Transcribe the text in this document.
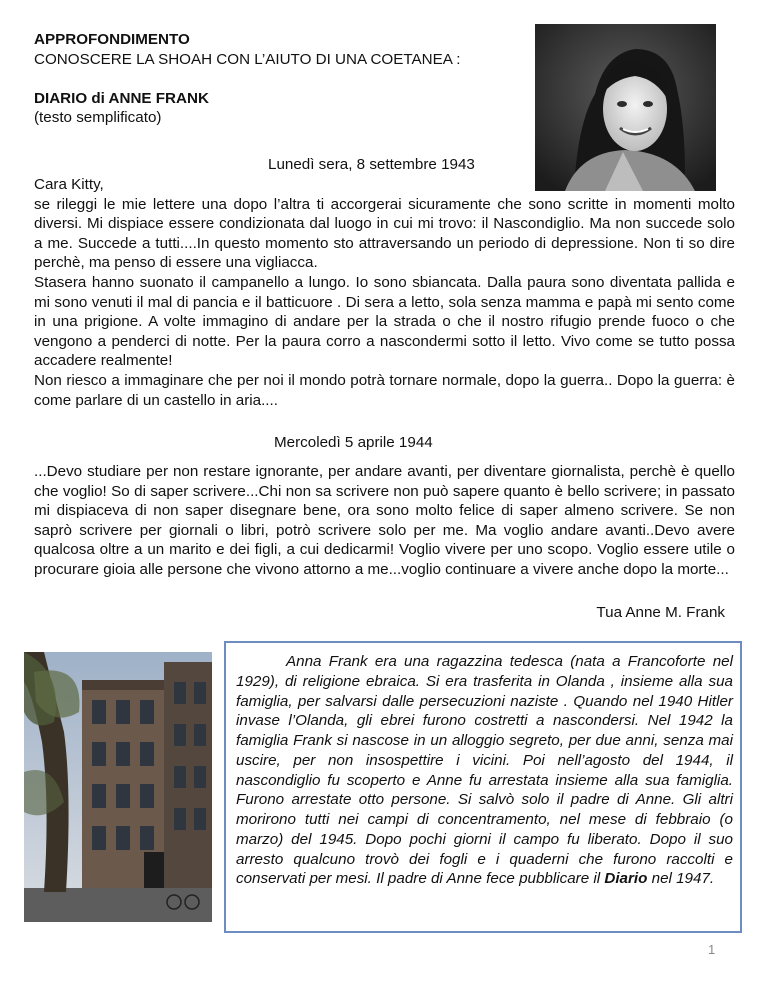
APPROFONDIMENTO
CONOSCERE LA SHOAH CON L’AIUTO DI UNA COETANEA :
DIARIO di ANNE FRANK
(testo semplificato)
Lunedì sera, 8 settembre 1943

Cara Kitty,

se rileggi le mie lettere una dopo l’altra ti accorgerai sicuramente che sono scritte in momenti molto diversi. Mi dispiace essere condizionata dal luogo in cui mi trovo: il Nascondiglio. Ma non succede solo a me. Succede a tutti....In questo momento sto attraversando un periodo di depressione. Non ti so dire perchè, ma penso di essere una vigliacca.

Stasera hanno suonato il campanello a lungo. Io sono sbiancata. Dalla paura sono diventata pallida e mi sono venuti il mal di pancia e il batticuore . Di sera a letto, sola senza mamma e papà mi sento come in una prigione. A volte immagino di andare per la strada o che il nostro rifugio prende fuoco o che vengono a penderci di notte. Per la paura corro a nascondermi sotto il letto. Vivo come se tutto possa accadere realmente!

Non riesco a immaginare che per noi il mondo potrà tornare normale, dopo la guerra.. Dopo la guerra: è come parlare di un castello in aria....

Mercoledì 5 aprile 1944

...Devo studiare per non restare ignorante, per andare avanti, per diventare giornalista, perchè è quello che voglio! So di saper scrivere...Chi non sa scrivere non può sapere quanto è bello scrivere; in passato mi dispiaceva di non saper disegnare bene, ora sono molto felice di saper almeno scrivere. Se non saprò scrivere per giornali o libri, potrò scrivere solo per me. Ma voglio andare avanti..Devo avere qualcosa oltre a un marito e dei figli, a cui dedicarmi! Voglio vivere per uno scopo. Voglio essere utile o procurare gioia alle persone che vivono attorno a me...voglio continuare a vivere anche dopo la morte...

Tua Anne M. Frank

Anna Frank era una ragazzina tedesca (nata a Francoforte nel 1929), di religione ebraica. Si era trasferita in Olanda , insieme alla sua famiglia, per salvarsi dalle persecuzioni naziste . Quando nel 1940 Hitler invase l’Olanda, gli ebrei furono costretti a nascondersi. Nel 1942 la famiglia Frank si nascose in un alloggio segreto, per due anni, senza mai uscire, per non insospettire i vicini. Poi nell’agosto del 1944, il nascondiglio fu scoperto e Anne fu arrestata insieme alla sua famiglia. Furono arrestate otto persone. Si salvò solo il padre di Anne. Gli altri morirono tutti nei campi di concentramento, nel mese di febbraio (o marzo) del 1945. Dopo pochi giorni il campo fu liberato. Dopo il suo arresto qualcuno trovò dei fogli e i quaderni che furono raccolti e conservati per mesi. Il padre di Anne fece pubblicare il Diario nel 1947.

1
